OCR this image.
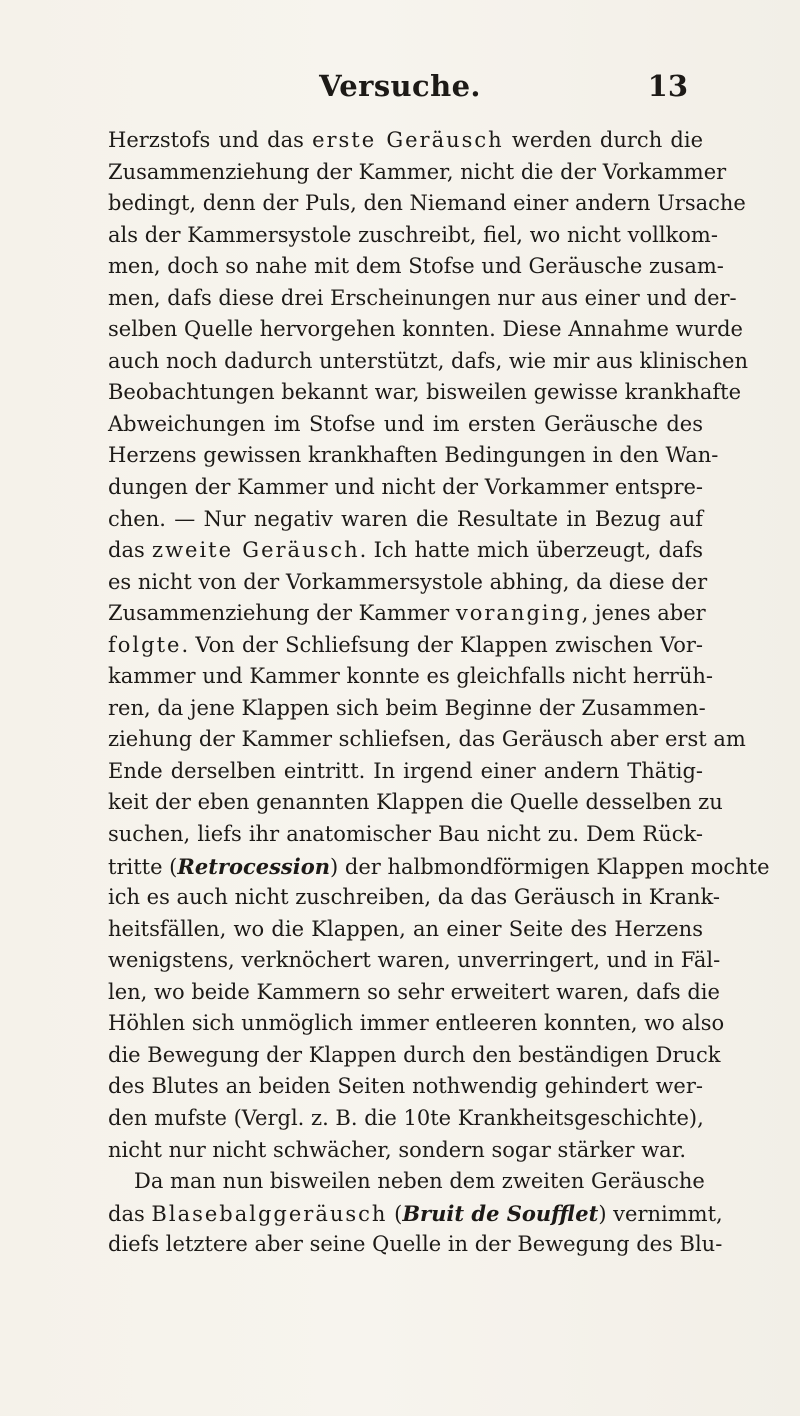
Versuche.	13
Herzstofs und das erste Geräusch werden durch die
Zusammenziehung der Kammer, nicht die der Vorkammer
bedingt, denn der Puls, den Niemand einer andern Ursache
als der Kammersystole zuschreibt, fiel, wo nicht vollkom-
men, doch so nahe mit dem Stofse und Geräusche zusam-
men, dafs diese drei Erscheinungen nur aus einer und der-
selben Quelle hervorgehen konnten. Diese Annahme wurde
auch noch dadurch unterstützt, dafs, wie mir aus klinischen
Beobachtungen bekannt war, bisweilen gewisse krankhafte
Abweichungen im Stofse und im ersten Geräusche des
Herzens gewissen krankhaften Bedingungen in den Wan-
dungen der Kammer und nicht der Vorkammer entspre-
chen. — Nur negativ waren die Resultate in Bezug auf
das zweite Geräusch. Ich hatte mich überzeugt, dafs
es nicht von der Vorkammersystole abhing, da diese der
Zusammenziehung der Kammer voranging, jenes aber
folgte. Von der Schliefsung der Klappen zwischen Vor-
kammer und Kammer konnte es gleichfalls nicht herrüh-
ren, da jene Klappen sich beim Beginne der Zusammen-
ziehung der Kammer schliefsen, das Geräusch aber erst am
Ende derselben eintritt. In irgend einer andern Thätig-
keit der eben genannten Klappen die Quelle desselben zu
suchen, liefs ihr anatomischer Bau nicht zu. Dem Rück-
tritte (Retrocession) der halbmondförmigen Klappen mochte
ich es auch nicht zuschreiben, da das Geräusch in Krank-
heitsfällen, wo die Klappen, an einer Seite des Herzens
wenigstens, verknöchert waren, unverringert, und in Fäl-
len, wo beide Kammern so sehr erweitert waren, dafs die
Höhlen sich unmöglich immer entleeren konnten, wo also
die Bewegung der Klappen durch den beständigen Druck
des Blutes an beiden Seiten nothwendig gehindert wer-
den mufste (Vergl. z. B. die 10te Krankheitsgeschichte),
nicht nur nicht schwächer, sondern sogar stärker war.
Da man nun bisweilen neben dem zweiten Geräusche
das Blasebalggeräusch (Bruit de Soufflet) vernimmt,
diefs letztere aber seine Quelle in der Bewegung des Blu-
